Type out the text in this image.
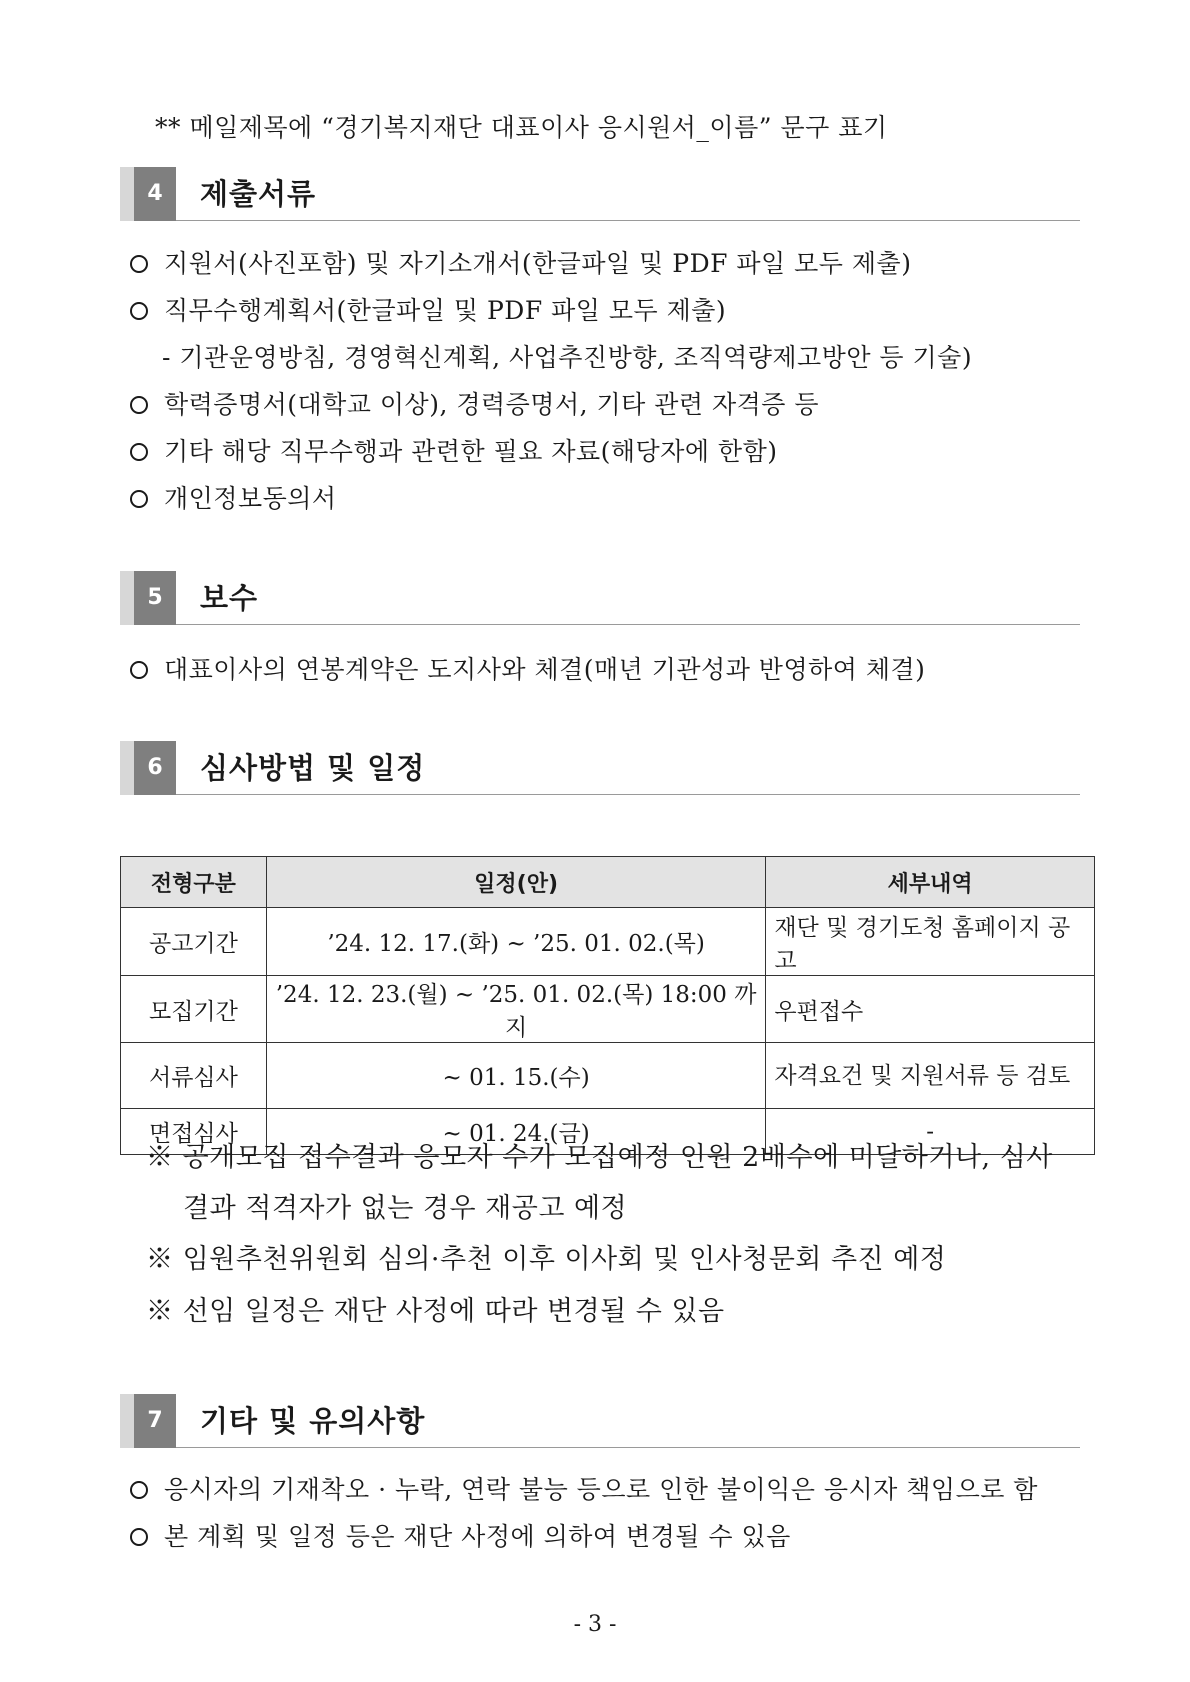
** 메일제목에 “경기복지재단 대표이사 응시원서_이름” 문구 표기
4	제출서류
지원서(사진포함) 및 자기소개서(한글파일 및 PDF 파일 모두 제출)
직무수행계획서(한글파일 및 PDF 파일 모두 제출)
- 기관운영방침, 경영혁신계획, 사업추진방향, 조직역량제고방안 등 기술)
학력증명서(대학교 이상), 경력증명서, 기타 관련 자격증 등
기타 해당 직무수행과 관련한 필요 자료(해당자에 한함)
개인정보동의서
5	보수
대표이사의 연봉계약은 도지사와 체결(매년 기관성과 반영하여 체결)
6	심사방법 및 일정
전형구분	일정(안)	세부내역
공고기간	’24. 12. 17.(화) ~ ’25. 01. 02.(목)	재단 및 경기도청 홈페이지 공고
모집기간	’24. 12. 23.(월) ~ ’25. 01. 02.(목) 18:00 까지	우편접수
서류심사	~ 01. 15.(수)	자격요건 및 지원서류 등 검토
면접심사	~ 01. 24.(금)	-
※ 공개모집 접수결과 응모자 수가 모집예정 인원 2배수에 미달하거나, 심사
결과 적격자가 없는 경우 재공고 예정
※ 임원추천위원회 심의·추천 이후 이사회 및 인사청문회 추진 예정
※ 선임 일정은 재단 사정에 따라 변경될 수 있음
7	기타 및 유의사항
응시자의 기재착오 · 누락, 연락 불능 등으로 인한 불이익은 응시자 책임으로 함
본 계획 및 일정 등은 재단 사정에 의하여 변경될 수 있음
- 3 -
